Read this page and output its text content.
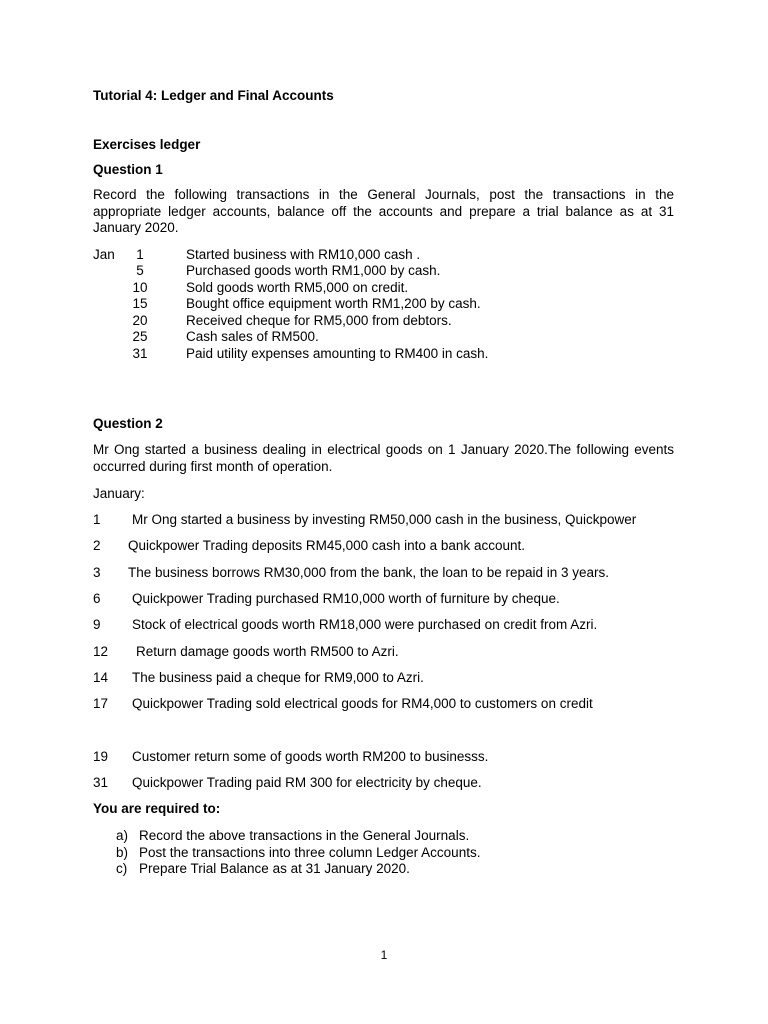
Tutorial 4: Ledger and Final Accounts
Exercises ledger
Question 1
Record the following transactions in the General Journals, post the transactions in the appropriate ledger accounts, balance off the accounts and prepare a trial balance as at 31 January 2020.
Jan	1	Started business with RM10,000 cash .
5	Purchased goods worth RM1,000 by cash.
10	Sold goods worth RM5,000 on credit.
15	Bought office equipment worth RM1,200 by cash.
20	Received cheque for RM5,000 from debtors.
25	Cash sales of RM500.
31	Paid utility expenses amounting to RM400 in cash.
Question 2
Mr Ong started a business dealing in electrical goods on 1 January 2020.The following events occurred during first month of operation.
January:
1 Mr Ong started a business by investing RM50,000 cash in the business, Quickpower
2 Quickpower Trading deposits RM45,000 cash into a bank account.
3 The business borrows RM30,000 from the bank, the loan to be repaid in 3 years.
6 Quickpower Trading purchased RM10,000 worth of furniture by cheque.
9 Stock of electrical goods worth RM18,000 were purchased on credit from Azri.
12 Return damage goods worth RM500 to Azri.
14 The business paid a cheque for RM9,000 to Azri.
17 Quickpower Trading sold electrical goods for RM4,000 to customers on credit
19 Customer return some of goods worth RM200 to businesss.
31 Quickpower Trading paid RM 300 for electricity by cheque.
You are required to:
a) Record the above transactions in the General Journals.
b) Post the transactions into three column Ledger Accounts.
c) Prepare Trial Balance as at 31 January 2020.
1
